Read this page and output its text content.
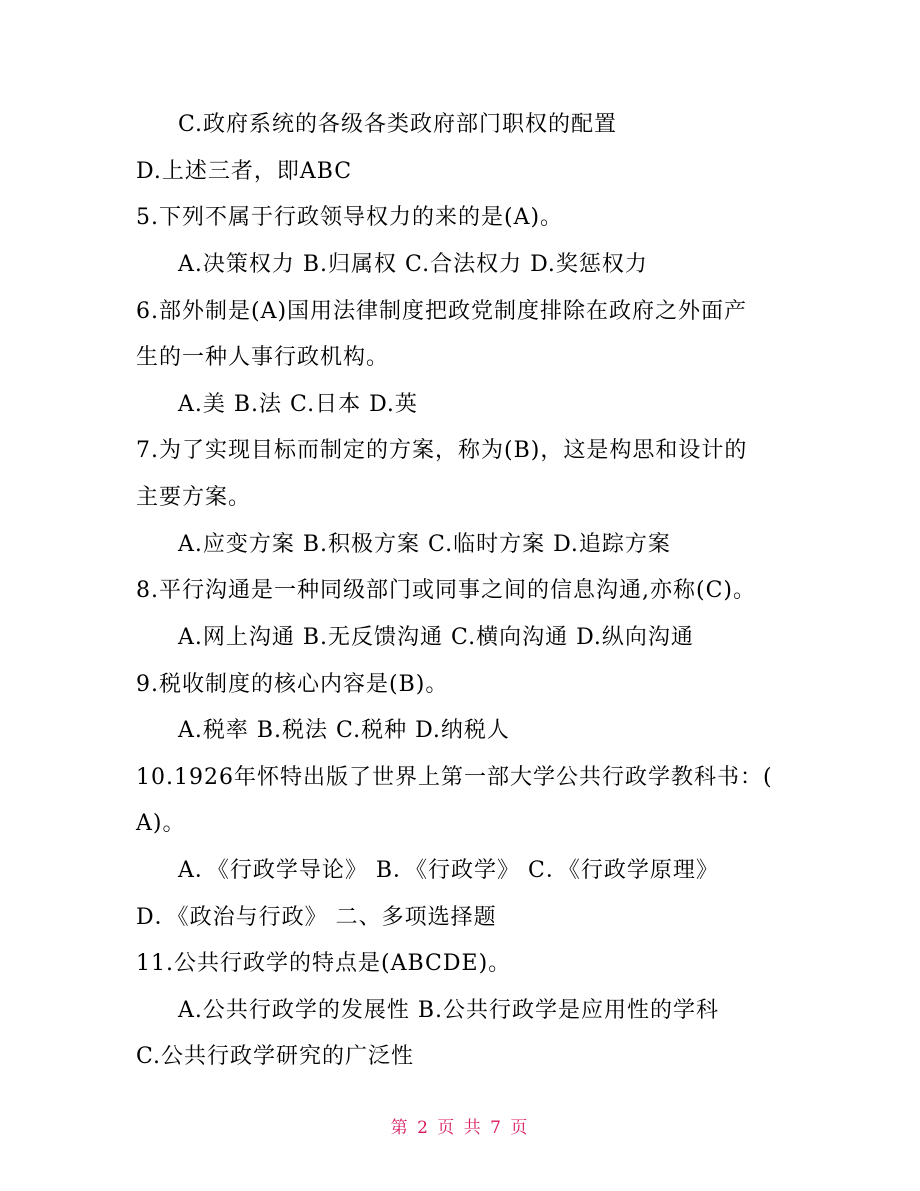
C.政府系统的各级各类政府部门职权的配置
D.上述三者，即ABC
5.下列不属于行政领导权力的来的是(A)。
A.决策权力 B.归属权 C.合法权力 D.奖惩权力
6.部外制是(A)国用法律制度把政党制度排除在政府之外面产
生的一种人事行政机构。
A.美 B.法 C.日本 D.英
7.为了实现目标而制定的方案，称为(B)，这是构思和设计的
主要方案。
A.应变方案 B.积极方案 C.临时方案 D.追踪方案
8.平行沟通是一种同级部门或同事之间的信息沟通,亦称(C)。
A.网上沟通 B.无反馈沟通 C.横向沟通 D.纵向沟通
9.税收制度的核心内容是(B)。
A.税率 B.税法 C.税种 D.纳税人
10.1926年怀特出版了世界上第一部大学公共行政学教科书：(
A)。
A．《行政学导论》 B．《行政学》 C．《行政学原理》
D．《政治与行政》 二、多项选择题
11.公共行政学的特点是(ABCDE)。
A.公共行政学的发展性 B.公共行政学是应用性的学科
C.公共行政学研究的广泛性
第 2 页 共 7 页
